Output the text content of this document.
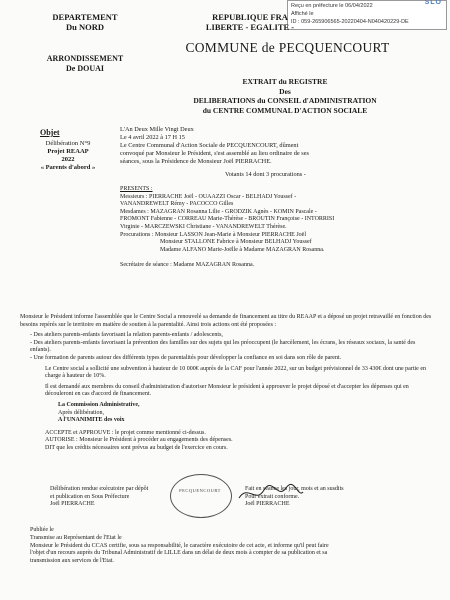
Reçu en préfecture le 06/04/2022
Affiché le
ID : 059-265906565-20220404-N040420229-DE
SLO
DEPARTEMENT
Du NORD
ARRONDISSEMENT
De DOUAI
REPUBLIQUE FRA
LIBERTE - EGALITE -
COMMUNE de PECQUENCOURT
EXTRAIT du REGISTRE
Des
DELIBERATIONS du CONSEIL d'ADMINISTRATION
du CENTRE COMMUNAL D'ACTION SOCIALE
Objet
Délibération N°9
Projet REAAP
2022
« Parents d'abord »
L'An Deux Mille Vingt Deux
Le 4 avril 2022 à 17 H 15
Le Centre Communal d'Action Sociale de PECQUENCOURT, dûment
convoqué par Monsieur le Président, s'est assemblé au lieu ordinaire de ses
séances, sous la Présidence de Monsieur Joël PIERRACHE.
Votants 14 dont 3 procurations -
PRESENTS :
Messieurs : PIERRACHE Joël - OUAAZZI Oscar - BELHADJ Youssef -
VANANDREWELT Rémy - PACOCCO Gilles
Mesdames : MAZAGRAN Rosanna Lilie - GRODZIK Agnès - KOMIN Pascale -
FROMONT Fabienne - CORREAU Marie-Thérèse - BROUTIN Françoise - INTORRISI
Virginie - MARCZEWSKI Christiane - VANANDREWELT Thérèse.
Procurations : Monsieur LASSON Jean-Marie à Monsieur PIERRACHE Joël
Monsieur STALLONE Fabrice à Monsieur BELHADJ Youssef
Madame ALFANO Marie-Joëlle à Madame MAZAGRAN Rosanna.
Secrétaire de séance : Madame MAZAGRAN Rosanna.

Monsieur le Président informe l'assemblée que le Centre Social a renouvelé sa demande de financement au titre du REAAP et a déposé un projet retravaillé en fonction des besoins repérés sur le territoire en matière de soutien à la parentalité. Ainsi trois actions ont été proposées :

- Des ateliers parents-enfants favorisant la relation parents-enfants / adolescents,

- Des ateliers parents-enfants favorisant la prévention des familles sur des sujets qui les préoccupent (le harcèlement, les écrans, les réseaux sociaux, la santé des enfants).

- Une formation de parents autour des différents types de parentalités pour développer la confiance en soi dans son rôle de parent.

Le Centre social a sollicité une subvention à hauteur de 10 000€ auprès de la CAF pour l'année 2022, sur un budget prévisionnel de 33 430€ dont une partie en charge à hauteur de 10%.

Il est demandé aux membres du conseil d'administration d'autoriser Monsieur le président à approuver le projet déposé et d'accepter les dépenses qui en découleront en cas d'accord de financement.

La Commission Administrative,
Après délibération,
A l'UNANIMITE des voix
ACCEPTE et APPROUVE : le projet comme mentionné ci-dessus.
AUTORISE : Monsieur le Président à procéder au engagements des dépenses.
DIT que les crédits nécessaires sont prévus au budget de l'exercice en cours.
Délibération rendue exécutoire par dépôt
et publication en Sous Préfecture
Joël PIERRACHE
PECQUENCOURT	Fait en séance les jour, mois et an susdits
Pour extrait conforme.
Joël PIERRACHE
Publiée le
Transmise au Représentant de l'Etat le
Monsieur le Président du CCAS certifie, sous sa responsabilité, le caractère exécutoire de cet acte, et informe qu'il peut faire
l'objet d'un recours auprès du Tribunal Administratif de LILLE dans un délai de deux mois à compter de sa publication et sa
transmission aux services de l'Etat.
